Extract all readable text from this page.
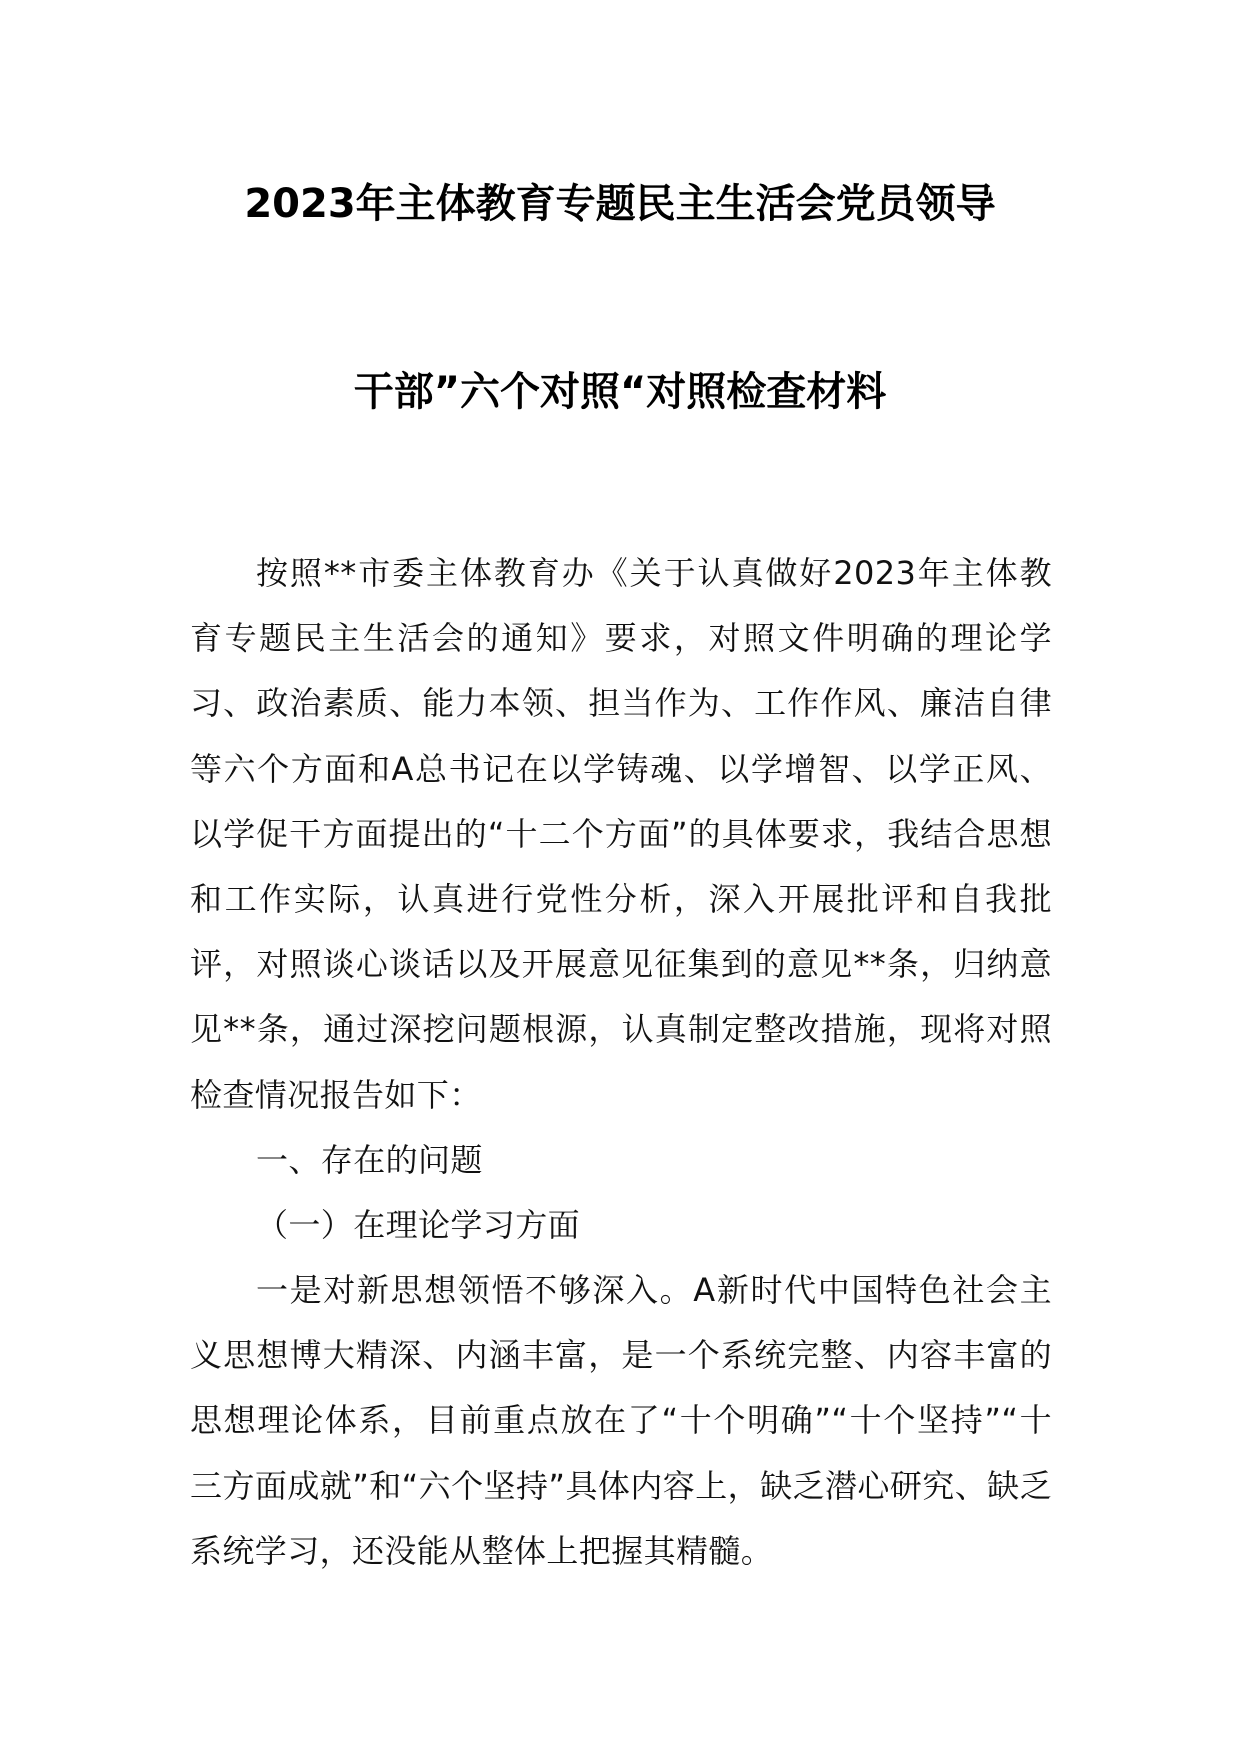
2023年主体教育专题民主生活会党员领导
干部”六个对照“对照检查材料
按照**市委主体教育办《关于认真做好2023年主体教育专题民主生活会的通知》要求，对照文件明确的理论学习、政治素质、能力本领、担当作为、工作作风、廉洁自律等六个方面和A总书记在以学铸魂、以学增智、以学正风、以学促干方面提出的“十二个方面”的具体要求，我结合思想和工作实际，认真进行党性分析，深入开展批评和自我批评，对照谈心谈话以及开展意见征集到的意见**条，归纳意见**条，通过深挖问题根源，认真制定整改措施，现将对照检查情况报告如下：
一、存在的问题
（一）在理论学习方面
一是对新思想领悟不够深入。A新时代中国特色社会主义思想博大精深、内涵丰富，是一个系统完整、内容丰富的思想理论体系，目前重点放在了“十个明确”“十个坚持”“十三方面成就”和“六个坚持”具体内容上，缺乏潜心研究、缺乏系统学习，还没能从整体上把握其精髓。
